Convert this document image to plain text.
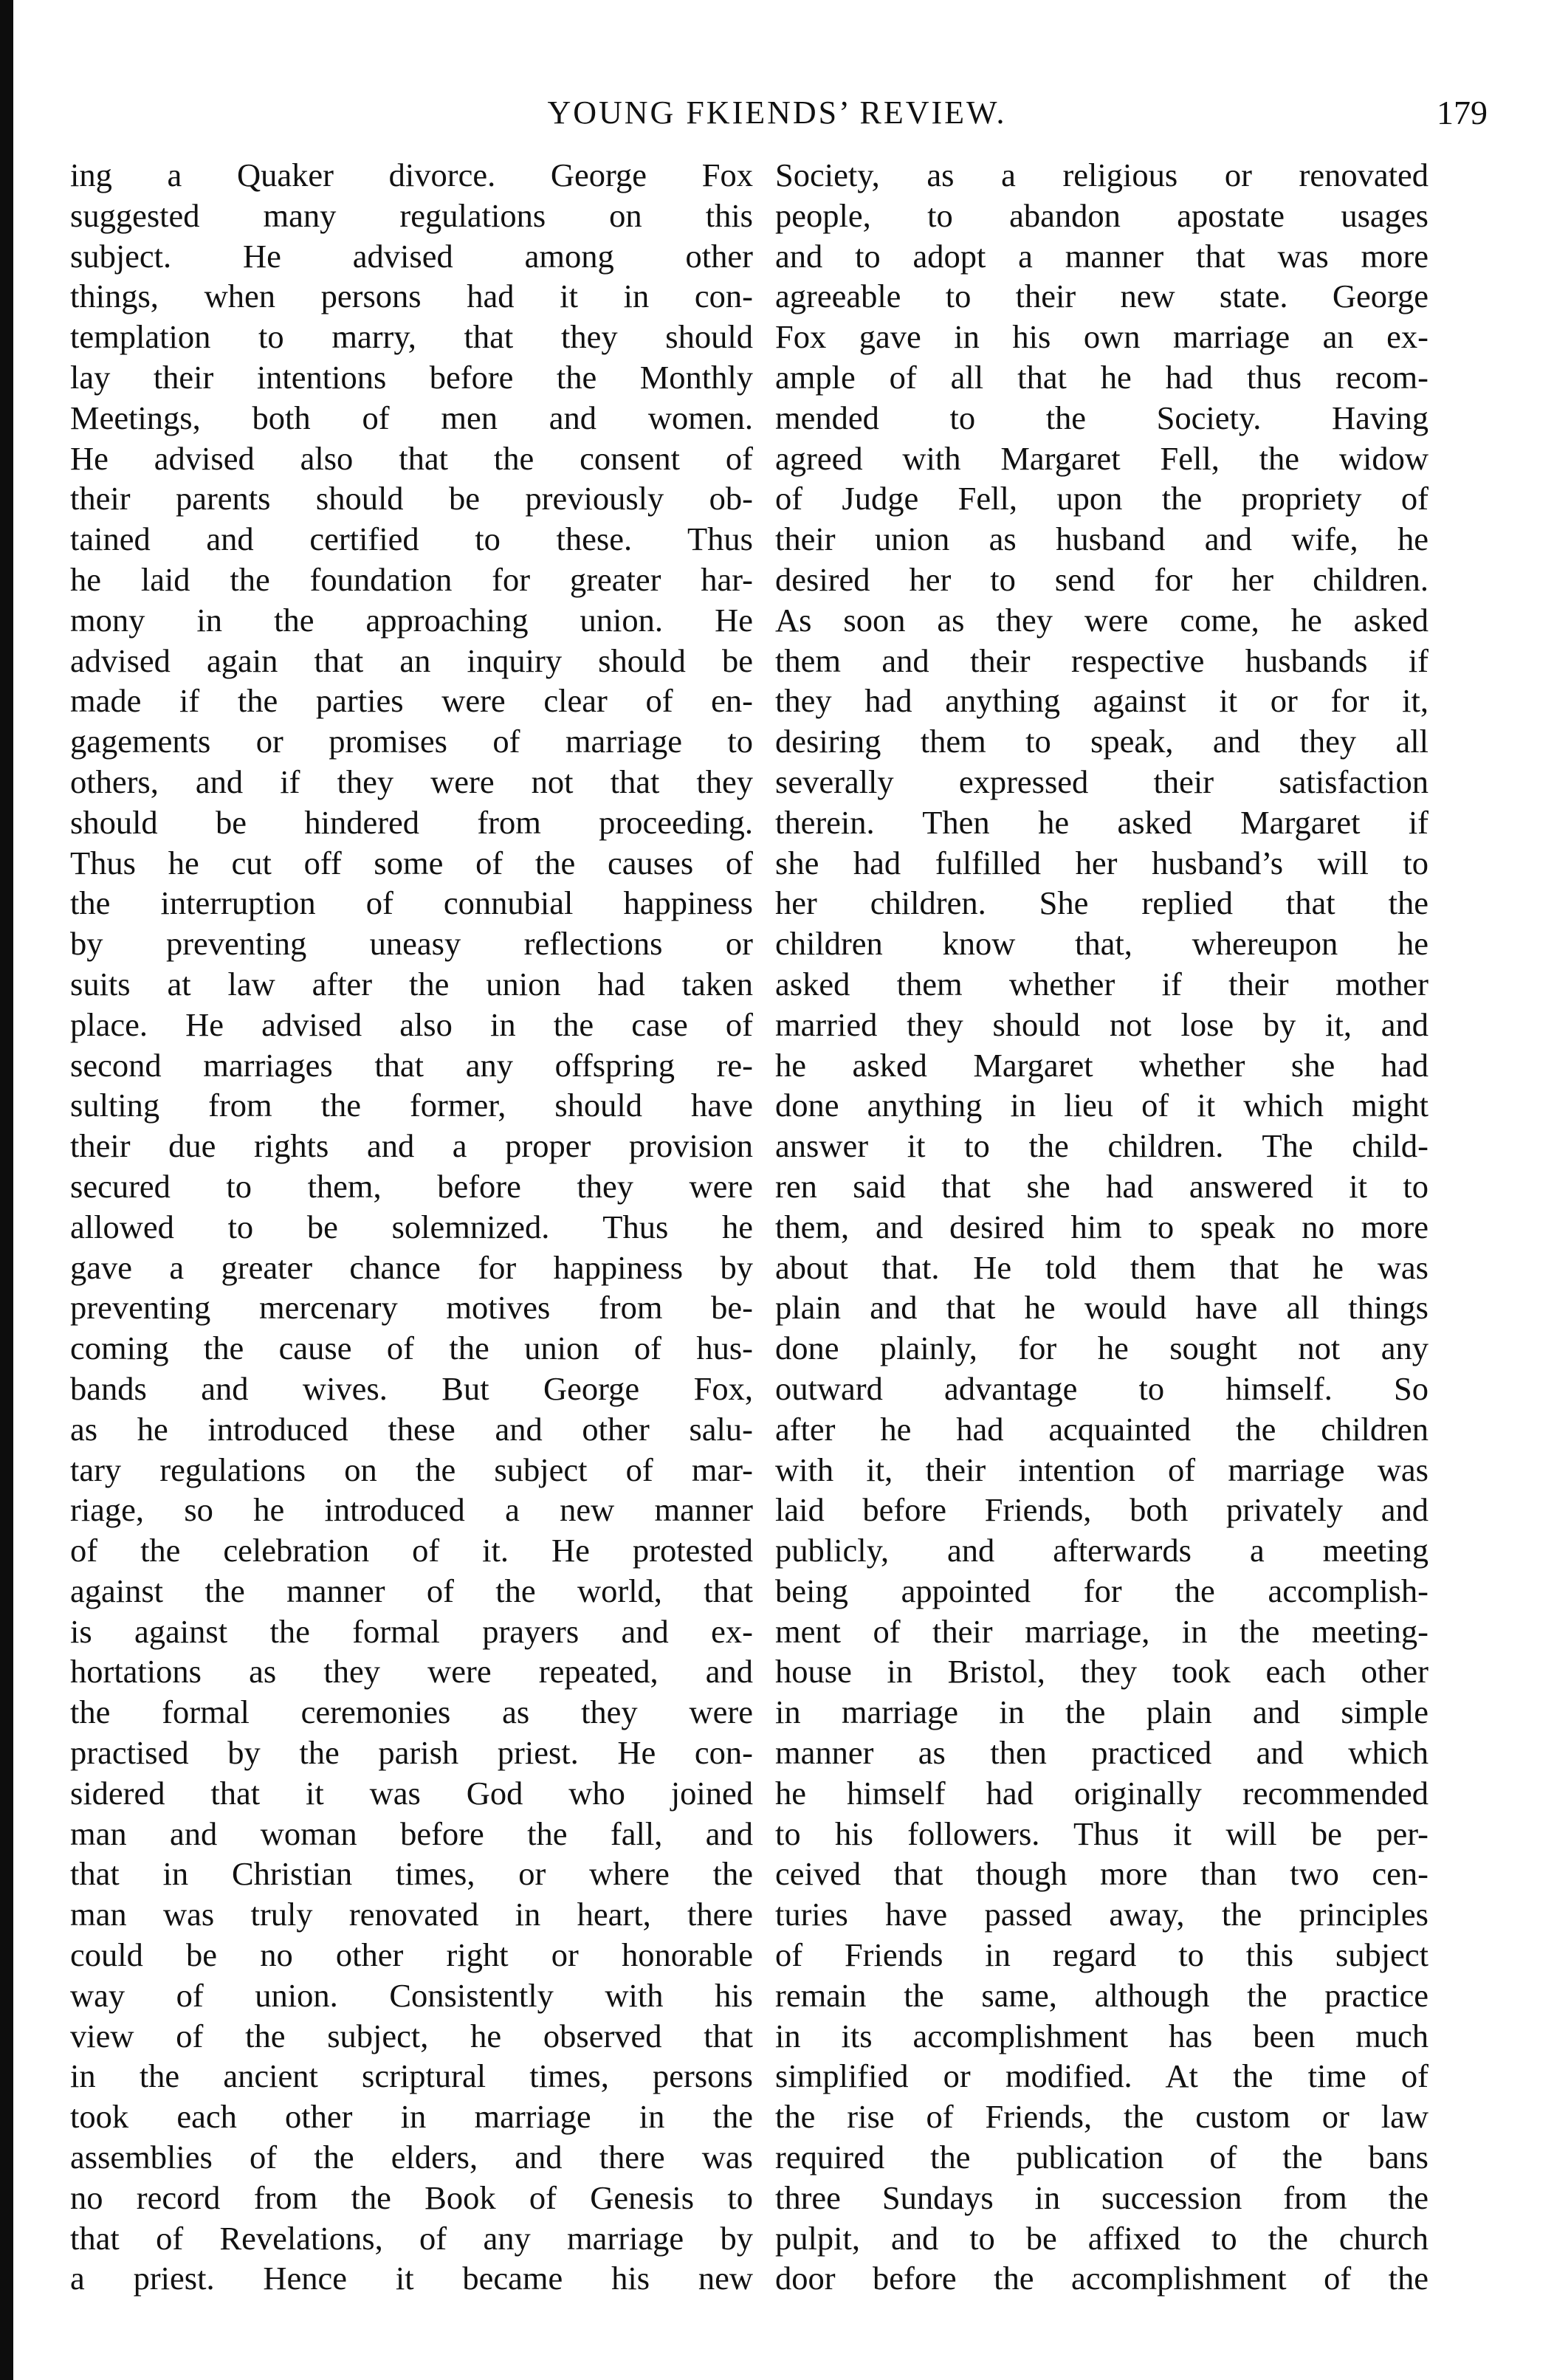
YOUNG FKIENDS’ REVIEW.	179
ing a Quaker divorce. George Fox
suggested many regulations on this
subject. He advised among other
things, when persons had it in con-
templation to marry, that they should
lay their intentions before the Monthly
Meetings, both of men and women.
He advised also that the consent of
their parents should be previously ob-
tained and certified to these. Thus
he laid the foundation for greater har-
mony in the approaching union. He
advised again that an inquiry should be
made if the parties were clear of en-
gagements or promises of marriage to
others, and if they were not that they
should be hindered from proceeding.
Thus he cut off some of the causes of
the interruption of connubial happiness
by preventing uneasy reflections or
suits at law after the union had taken
place. He advised also in the case of
second marriages that any offspring re-
sulting from the former, should have
their due rights and a proper provision
secured to them, before they were
allowed to be solemnized. Thus he
gave a greater chance for happiness by
preventing mercenary motives from be-
coming the cause of the union of hus-
bands and wives. But George Fox,
as he introduced these and other salu-
tary regulations on the subject of mar-
riage, so he introduced a new manner
of the celebration of it. He protested
against the manner of the world, that
is against the formal prayers and ex-
hortations as they were repeated, and
the formal ceremonies as they were
practised by the parish priest. He con-
sidered that it was God who joined
man and woman before the fall, and
that in Christian times, or where the
man was truly renovated in heart, there
could be no other right or honorable
way of union. Consistently with his
view of the subject, he observed that
in the ancient scriptural times, persons
took each other in marriage in the
assemblies of the elders, and there was
no record from the Book of Genesis to
that of Revelations, of any marriage by
a priest. Hence it became his new
Society, as a religious or renovated
people, to abandon apostate usages
and to adopt a manner that was more
agreeable to their new state. George
Fox gave in his own marriage an ex-
ample of all that he had thus recom-
mended to the Society. Having
agreed with Margaret Fell, the widow
of Judge Fell, upon the propriety of
their union as husband and wife, he
desired her to send for her children.
As soon as they were come, he asked
them and their respective husbands if
they had anything against it or for it,
desiring them to speak, and they all
severally expressed their satisfaction
therein. Then he asked Margaret if
she had fulfilled her husband’s will to
her children. She replied that the
children know that, whereupon he
asked them whether if their mother
married they should not lose by it, and
he asked Margaret whether she had
done anything in lieu of it which might
answer it to the children. The child-
ren said that she had answered it to
them, and desired him to speak no more
about that. He told them that he was
plain and that he would have all things
done plainly, for he sought not any
outward advantage to himself. So
after he had acquainted the children
with it, their intention of marriage was
laid before Friends, both privately and
publicly, and afterwards a meeting
being appointed for the accomplish-
ment of their marriage, in the meeting-
house in Bristol, they took each other
in marriage in the plain and simple
manner as then practiced and which
he himself had originally recommended
to his followers. Thus it will be per-
ceived that though more than two cen-
turies have passed away, the principles
of Friends in regard to this subject
remain the same, although the practice
in its accomplishment has been much
simplified or modified. At the time of
the rise of Friends, the custom or law
required the publication of the bans
three Sundays in succession from the
pulpit, and to be affixed to the church
door before the accomplishment of the
